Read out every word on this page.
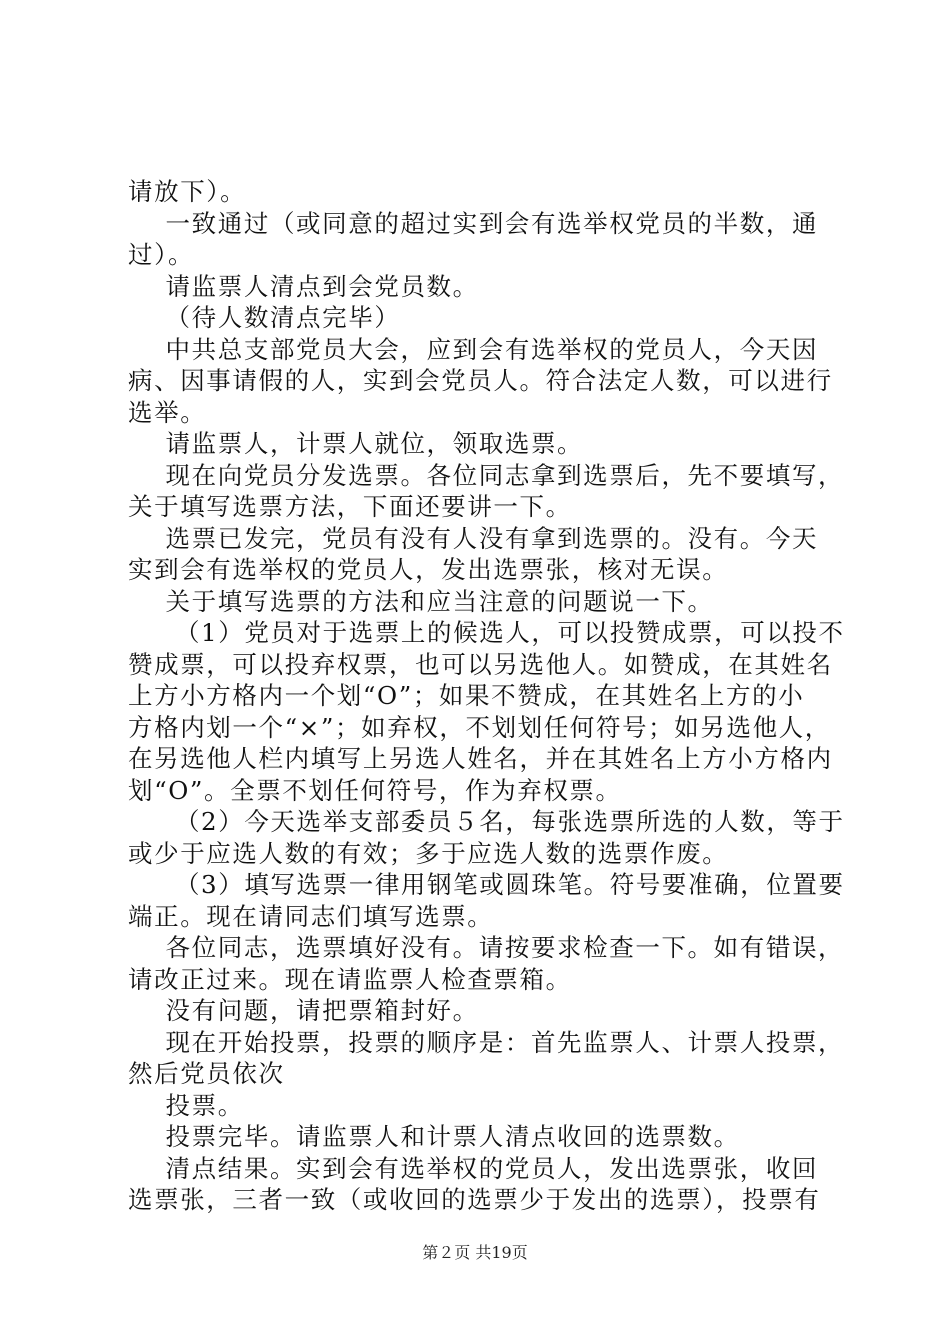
请放下）。
一致通过（或同意的超过实到会有选举权党员的半数，通
过）。
请监票人清点到会党员数。
（待人数清点完毕）
中共总支部党员大会，应到会有选举权的党员人，今天因
病、因事请假的人，实到会党员人。符合法定人数，可以进行
选举。
请监票人，计票人就位，领取选票。
现在向党员分发选票。各位同志拿到选票后，先不要填写，
关于填写选票方法，下面还要讲一下。
选票已发完，党员有没有人没有拿到选票的。没有。今天
实到会有选举权的党员人，发出选票张，核对无误。
关于填写选票的方法和应当注意的问题说一下。
（1）党员对于选票上的候选人，可以投赞成票，可以投不
赞成票，可以投弃权票，也可以另选他人。如赞成，在其姓名
上方小方格内一个划“O”；如果不赞成，在其姓名上方的小
方格内划一个“×”；如弃权，不划划任何符号；如另选他人，
在另选他人栏内填写上另选人姓名，并在其姓名上方小方格内
划“O”。全票不划任何符号，作为弃权票。
（2）今天选举支部委员５名，每张选票所选的人数，等于
或少于应选人数的有效；多于应选人数的选票作废。
（3）填写选票一律用钢笔或圆珠笔。符号要准确，位置要
端正。现在请同志们填写选票。
各位同志，选票填好没有。请按要求检查一下。如有错误，
请改正过来。现在请监票人检查票箱。
没有问题，请把票箱封好。
现在开始投票，投票的顺序是：首先监票人、计票人投票，
然后党员依次
投票。
投票完毕。请监票人和计票人清点收回的选票数。
清点结果。实到会有选举权的党员人，发出选票张，收回
选票张，三者一致（或收回的选票少于发出的选票），投票有
第２页 共19页
